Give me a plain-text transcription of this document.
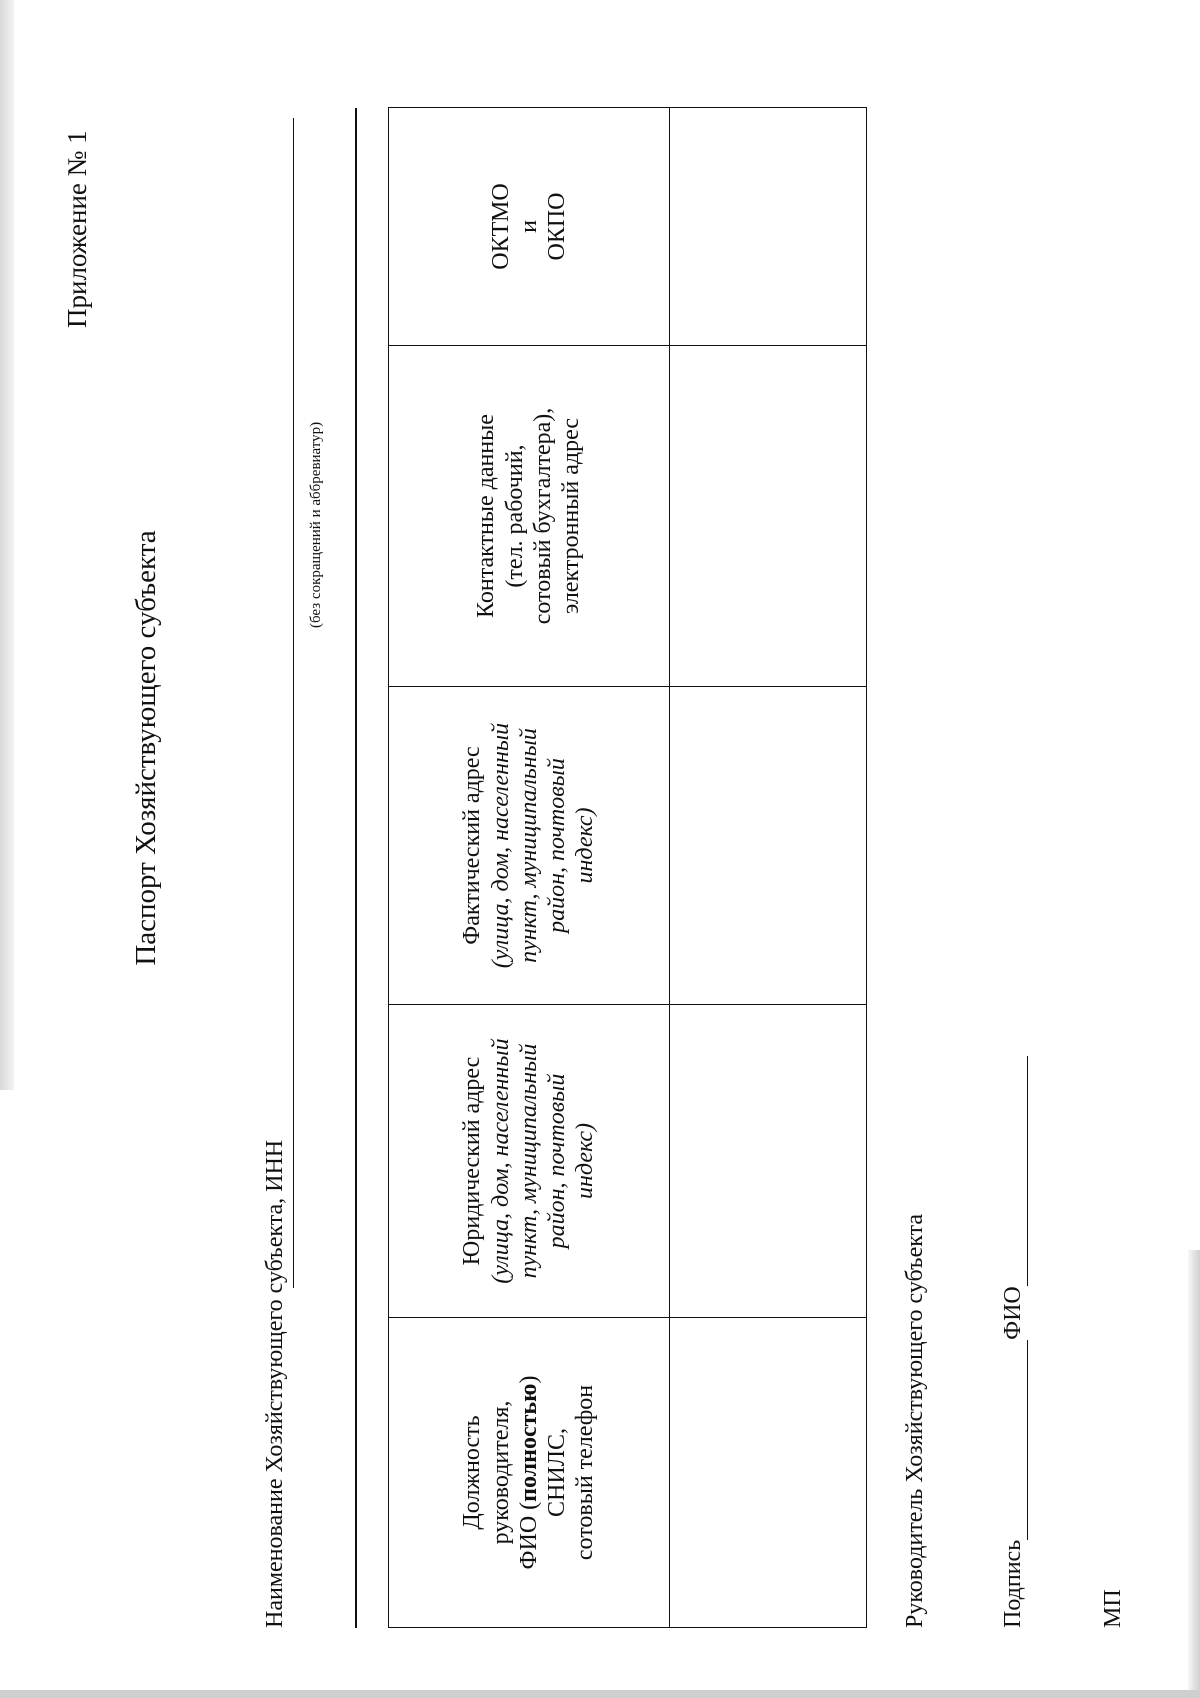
Приложение № 1
Паспорт Хозяйствующего субъекта
Наименование Хозяйствующего субъекта, ИНН
(без сокращений и аббревиатур)
Должность руководителя, ФИО (полностью)
СНИЛС, сотовый телефон	Юридический адрес (улица, дом, населенный пункт, муниципальный район, почтовый индекс)	Фактический адрес (улица, дом, населенный пункт, муниципальный район, почтовый индекс)	Контактные данные (тел. рабочий, сотовый бухгалтера), электронный адрес	ОКТМО и ОКПО

Руководитель Хозяйствующего субъекта	Подпись ФИО
МП
